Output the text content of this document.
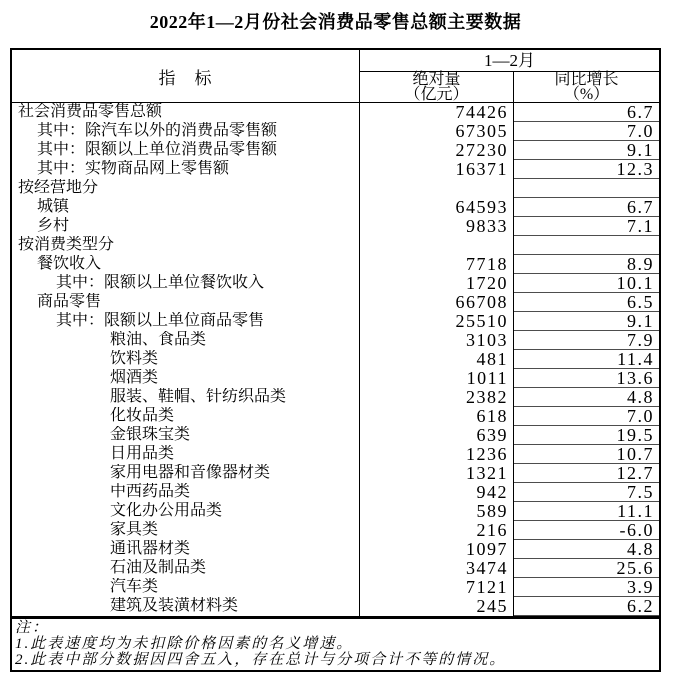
2022年1—2月份社会消费品零售总额主要数据
指　标
1—2月
绝对量
（亿元）
同比增长
（%）
社会消费品零售总额	74426	6.7
其中：除汽车以外的消费品零售额	67305	7.0
其中：限额以上单位消费品零售额	27230	9.1
其中：实物商品网上零售额	16371	12.3
按经营地分
城镇	64593	6.7
乡村	9833	7.1
按消费类型分
餐饮收入	7718	8.9
其中：限额以上单位餐饮收入	1720	10.1
商品零售	66708	6.5
其中：限额以上单位商品零售	25510	9.1
粮油、食品类	3103	7.9
饮料类	481	11.4
烟酒类	1011	13.6
服装、鞋帽、针纺织品类	2382	4.8
化妆品类	618	7.0
金银珠宝类	639	19.5
日用品类	1236	10.7
家用电器和音像器材类	1321	12.7
中西药品类	942	7.5
文化办公用品类	589	11.1
家具类	216	-6.0
通讯器材类	1097	4.8
石油及制品类	3474	25.6
汽车类	7121	3.9
建筑及装潢材料类	245	6.2
注：
1.此表速度均为未扣除价格因素的名义增速。
2.此表中部分数据因四舍五入，存在总计与分项合计不等的情况。
